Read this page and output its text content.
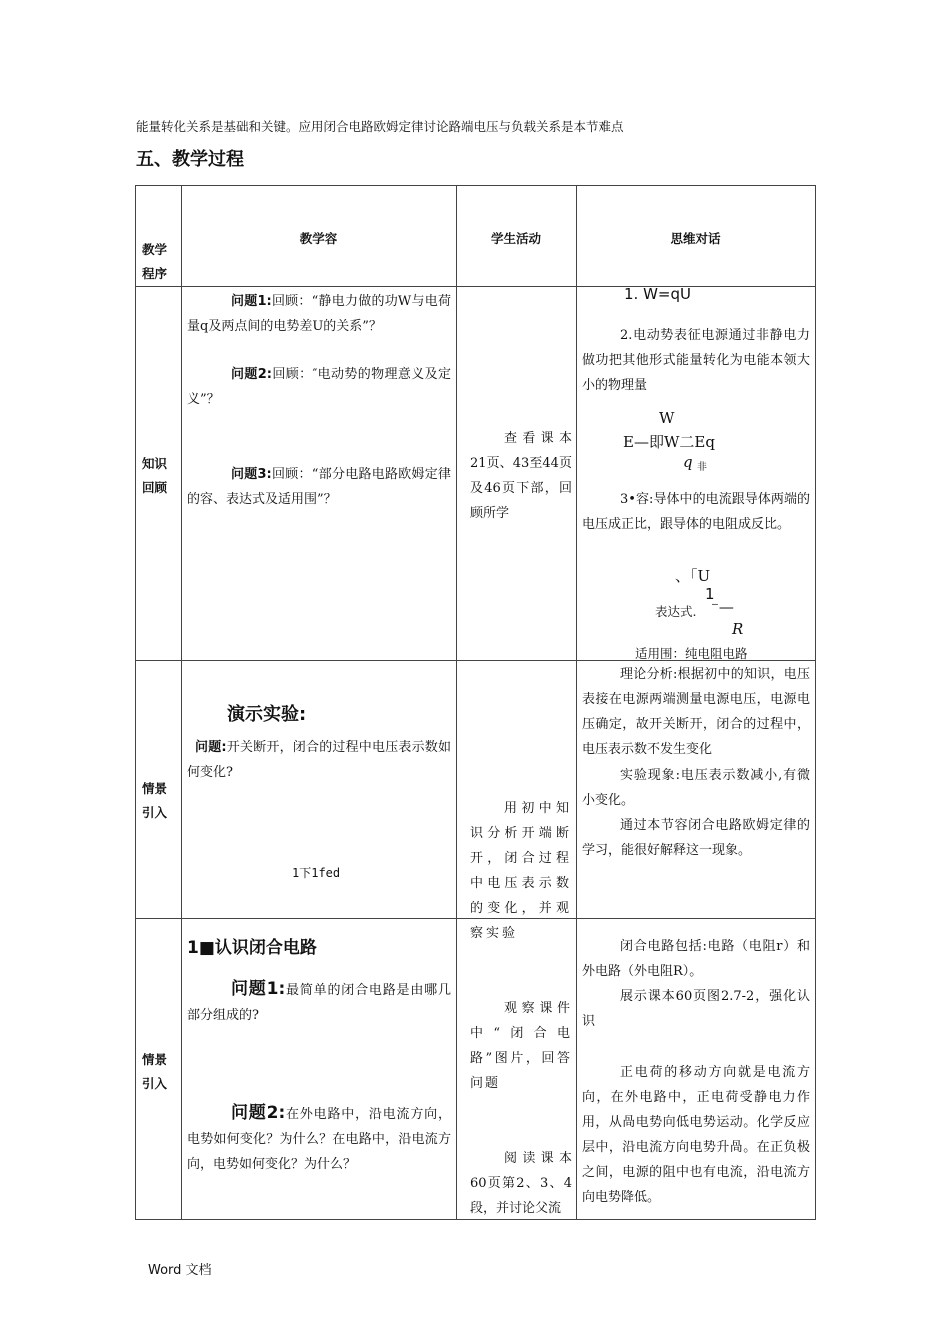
能量转化关系是基础和关键。应用闭合电路欧姆定律讨论路端电压与负载关系是本节难点
五、教学过程
教学程序
教学容	学生活动	思维对话
知识回顾
问题1:回顾：“静电力做的功W与电荷量q及两点间的电势差U的关系”？
问题2:回顾：″电动势的物理意义及定义”？
问题3:回顾：“部分电路电路欧姆定律的容、表达式及适用围”？
查看课本21页、43至44页及46页下部，回顾所学
1. W=qU
2.电动势表征电源通过非静电力做功把其他形式能量转化为电能本领大小的物理量
W
E—即W二Eq
q 非
3•容:导体中的电流跟导体两端的电压成正比，跟导体的电阻成反比。
、「U
1
表达式. ⁻—
R
适用围：纯电阻电路
情景引入
演示实验:
问题:开关断开，闭合的过程中电压表示数如何变化?
1下1fed
用初中知识分析开端断开，闭合过程中电压表示数的变化，并观察实验
理论分析:根据初中的知识，电压表接在电源两端测量电源电压，电源电压确定，故开关断开，闭合的过程中，电压表示数不发生变化
实验现象:电压表示数减小,有微小变化。
通过本节容闭合电路欧姆定律的学习，能很好解释这一现象。
情景引入
1■认识闭合电路
问题1:最简单的闭合电路是由哪几部分组成的?
问题2:在外电路中，沿电流方向，电势如何变化？为什么？在电路中，沿电流方向，电势如何变化？为什么？
观察课件中“闭合电路”图片，回答问题
阅读课本60页第2、3、4段，并讨论父流
闭合电路包括:电路（电阻r）和外电路（外电阻R）。
展示课本60页图2.7-2，强化认识
正电荷的移动方向就是电流方向，在外电路中，正电荷受静电力作用，从咼电势向低电势运动。化学反应层中，沿电流方向电势升咼。在正负极之间，电源的阻中也有电流，沿电流方向电势降低。
Word 文档
